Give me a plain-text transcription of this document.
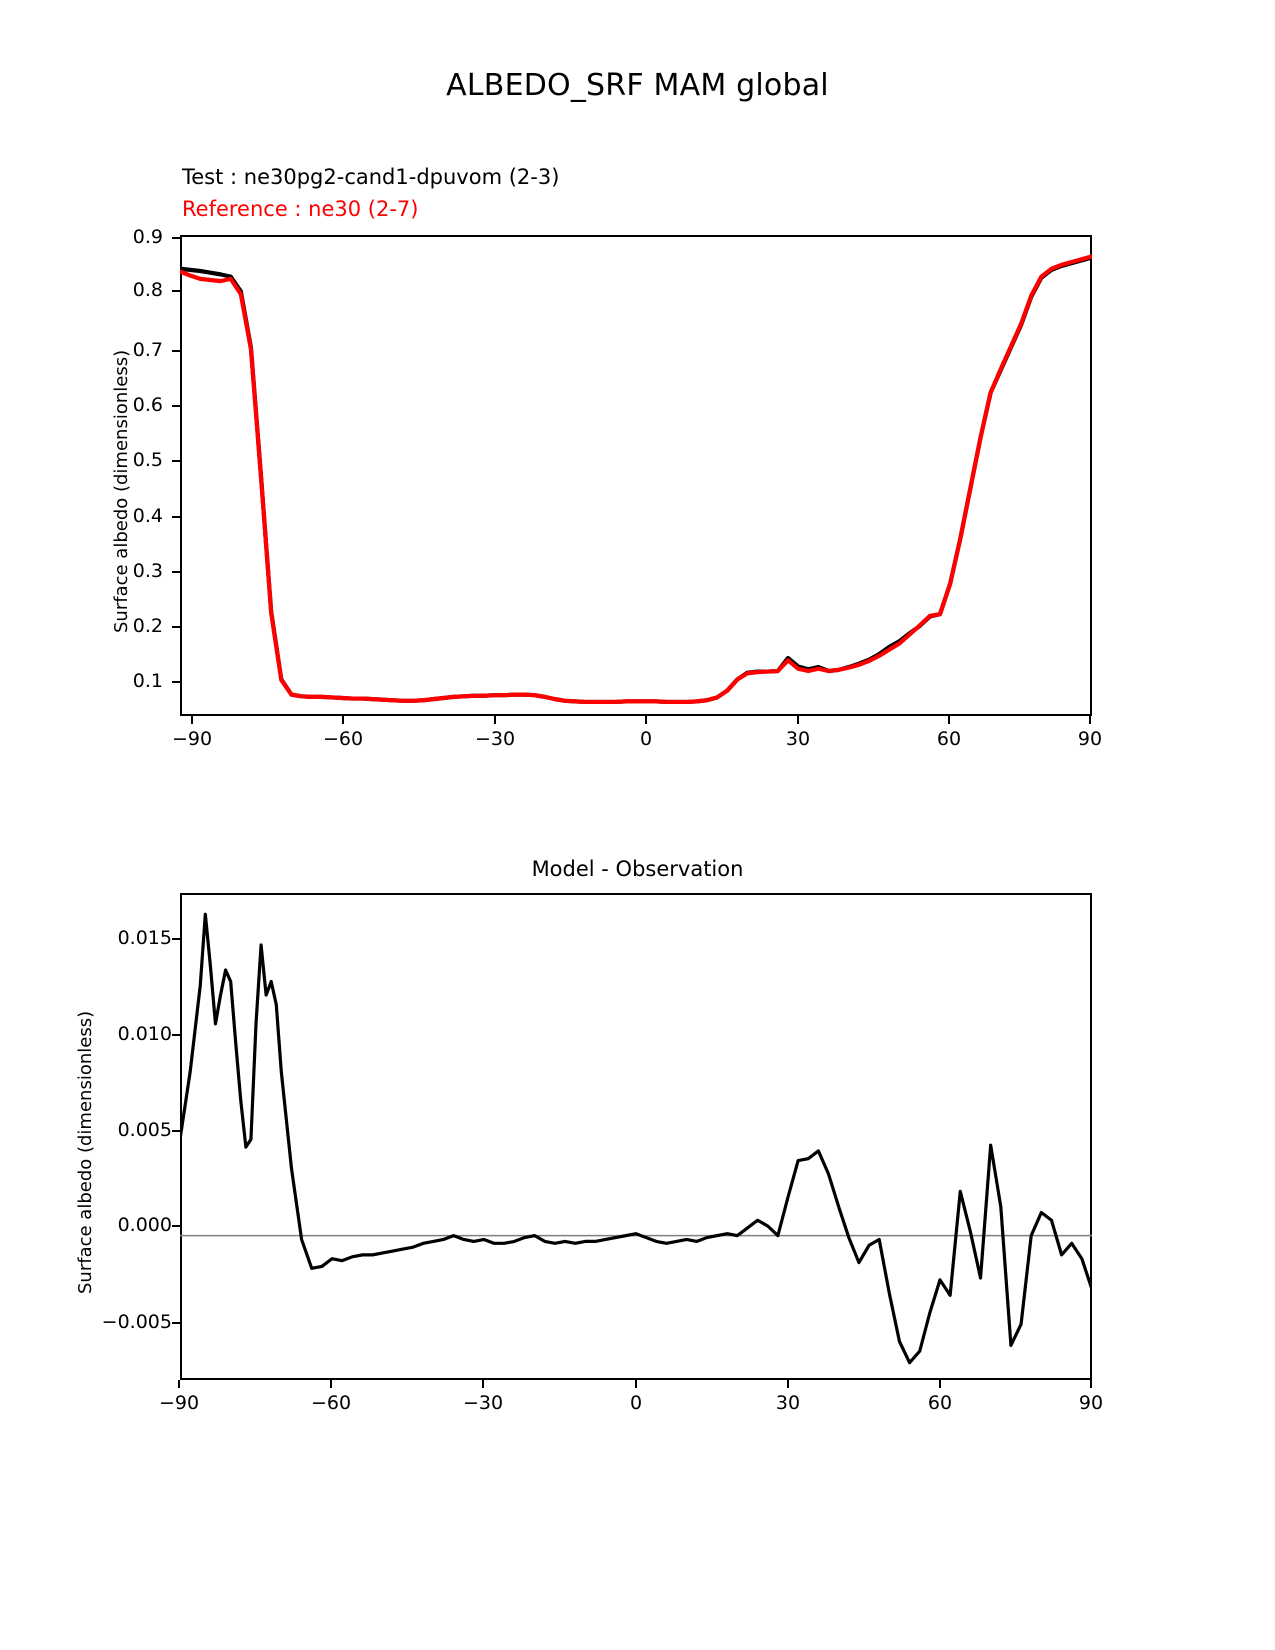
ALBEDO_SRF MAM global
Test : ne30pg2-cand1-dpuvom (2-3)
Reference : ne30 (2-7)
Surface albedo (dimensionless)
0.1
0.2
0.3
0.4
0.5
0.6
0.7
0.8
0.9
−90	−60	−30	0	30	60	90
Model - Observation
Surface albedo (dimensionless)
−0.005
0.000
0.005
0.010
0.015
−90	−60	−30	0	30	60	90
